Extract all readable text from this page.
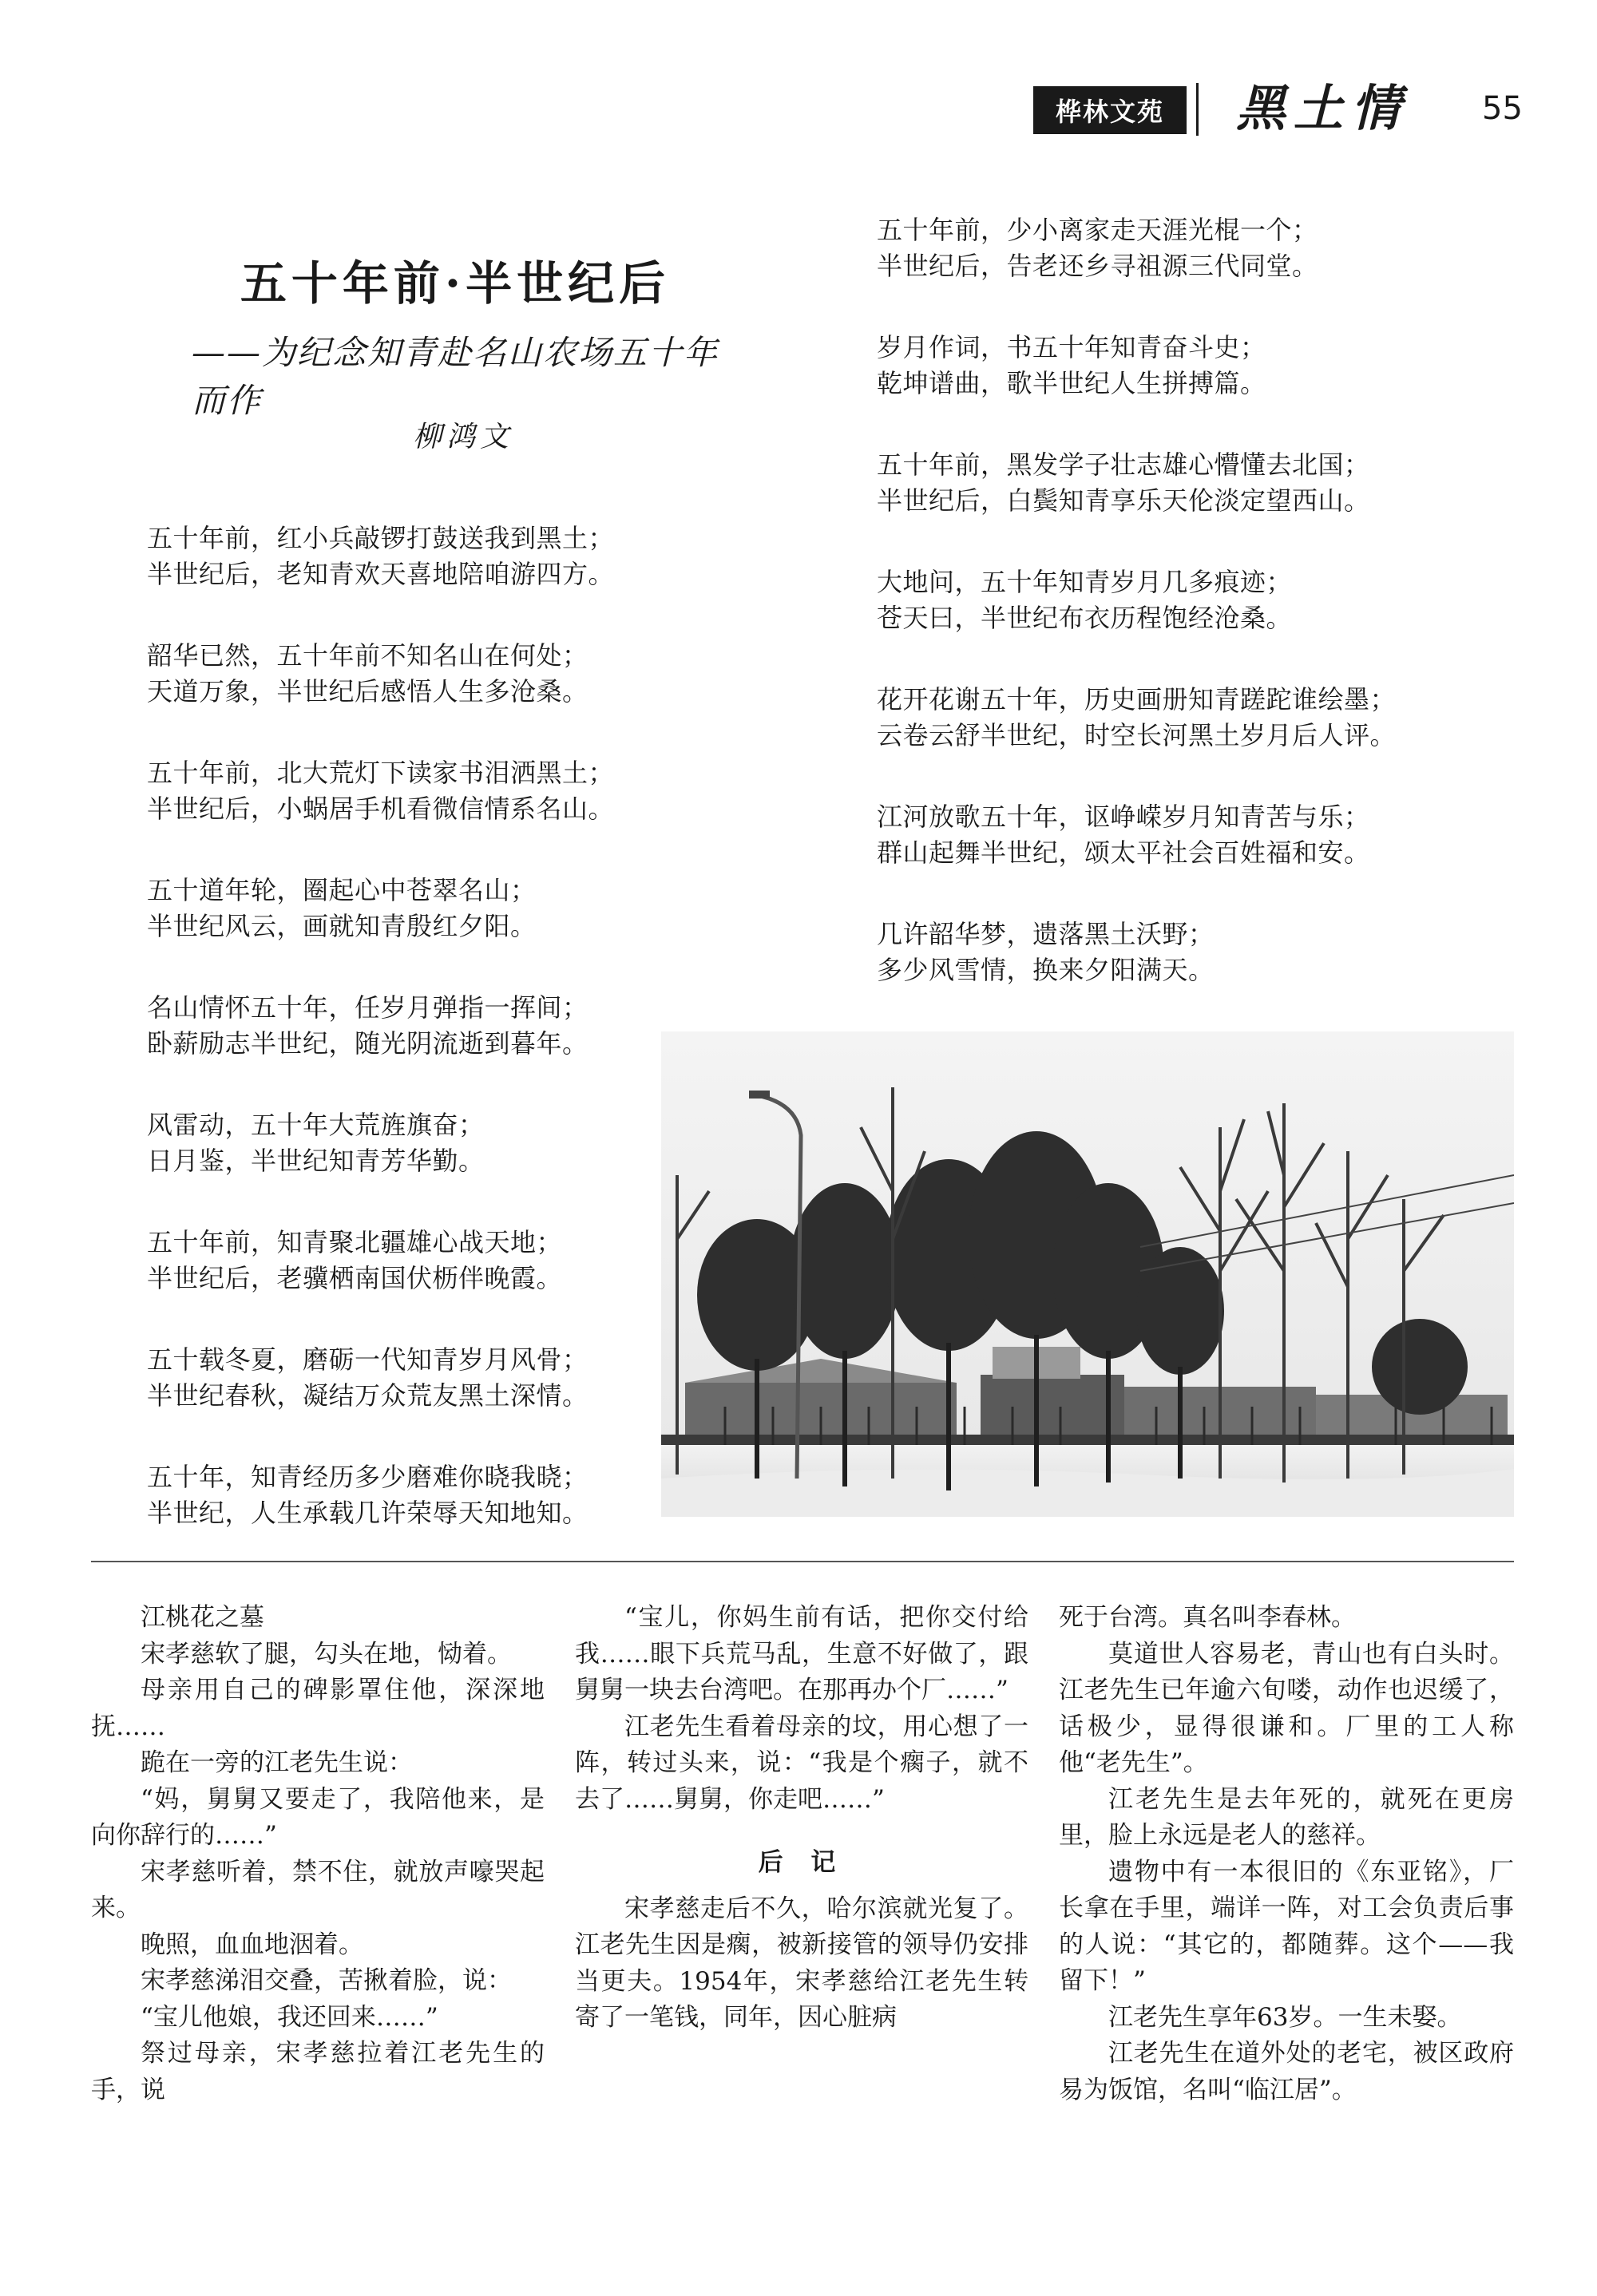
桦林文苑	黑土情 55
五十年前·半世纪后
——为纪念知青赴名山农场五十年而作
柳鸿文
五十年前，红小兵敲锣打鼓送我到黑土；
半世纪后，老知青欢天喜地陪咱游四方。
韶华已然，五十年前不知名山在何处；
天道万象，半世纪后感悟人生多沧桑。
五十年前，北大荒灯下读家书泪洒黑土；
半世纪后，小蜗居手机看微信情系名山。
五十道年轮，圈起心中苍翠名山；
半世纪风云，画就知青殷红夕阳。
名山情怀五十年，任岁月弹指一挥间；
卧薪励志半世纪，随光阴流逝到暮年。
风雷动，五十年大荒旌旗奋；
日月鉴，半世纪知青芳华勤。
五十年前，知青聚北疆雄心战天地；
半世纪后，老骥栖南国伏枥伴晚霞。
五十载冬夏，磨砺一代知青岁月风骨；
半世纪春秋，凝结万众荒友黑土深情。
五十年，知青经历多少磨难你晓我晓；
半世纪，人生承载几许荣辱天知地知。
五十年前，少小离家走天涯光棍一个；
半世纪后，告老还乡寻祖源三代同堂。
岁月作词，书五十年知青奋斗史；
乾坤谱曲，歌半世纪人生拼搏篇。
五十年前，黑发学子壮志雄心懵懂去北国；
半世纪后，白鬓知青享乐天伦淡定望西山。
大地问，五十年知青岁月几多痕迹；
苍天曰，半世纪布衣历程饱经沧桑。
花开花谢五十年，历史画册知青蹉跎谁绘墨；
云卷云舒半世纪，时空长河黑土岁月后人评。
江河放歌五十年，讴峥嵘岁月知青苦与乐；
群山起舞半世纪，颂太平社会百姓福和安。
几许韶华梦，遗落黑土沃野；
多少风雪情，换来夕阳满天。

江桃花之墓

宋孝慈软了腿，勾头在地，恸着。

母亲用自己的碑影罩住他，深深地抚……

跪在一旁的江老先生说：

“妈，舅舅又要走了，我陪他来，是向你辞行的……”

宋孝慈听着，禁不住，就放声嚎哭起来。

晚照，血血地洇着。

宋孝慈涕泪交叠，苦揪着脸，说：

“宝儿他娘，我还回来……”

祭过母亲，宋孝慈拉着江老先生的手，说

“宝儿，你妈生前有话，把你交付给我……眼下兵荒马乱，生意不好做了，跟舅舅一块去台湾吧。在那再办个厂……”

江老先生看着母亲的坟，用心想了一阵，转过头来，说：“我是个瘸子，就不去了……舅舅，你走吧……”

后 记

宋孝慈走后不久，哈尔滨就光复了。江老先生因是瘸，被新接管的领导仍安排当更夫。1954年，宋孝慈给江老先生转寄了一笔钱，同年，因心脏病

死于台湾。真名叫李春林。

莫道世人容易老，青山也有白头时。江老先生已年逾六旬喽，动作也迟缓了，话极少，显得很谦和。厂里的工人称他“老先生”。

江老先生是去年死的，就死在更房里，脸上永远是老人的慈祥。

遗物中有一本很旧的《东亚铭》，厂长拿在手里，端详一阵，对工会负责后事的人说：“其它的，都随葬。这个——我留下！”

江老先生享年63岁。一生未娶。

江老先生在道外处的老宅，被区政府易为饭馆，名叫“临江居”。
